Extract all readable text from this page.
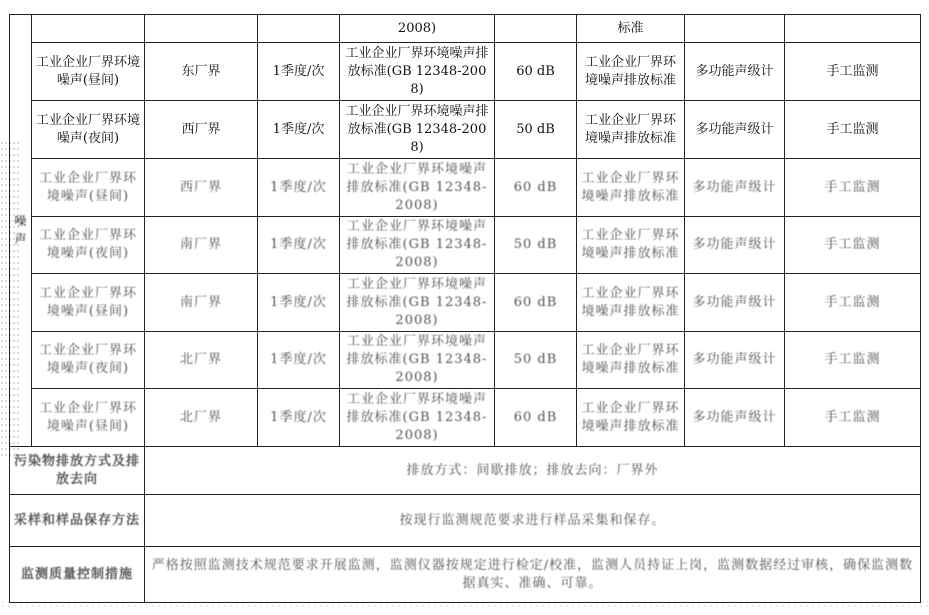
噪声				2008)		标准		
	工业企业厂界环境噪声(昼间)	东厂界	1季度/次	工业企业厂界环境噪声排放标准(GB 12348-2008)	60 dB	工业企业厂界环境噪声排放标准	多功能声级计	手工监测
	工业企业厂界环境噪声(夜间)	西厂界	1季度/次	工业企业厂界环境噪声排放标准(GB 12348-2008)	50 dB	工业企业厂界环境噪声排放标准	多功能声级计	手工监测
	工业企业厂界环境噪声(昼间)	西厂界	1季度/次	工业企业厂界环境噪声排放标准(GB 12348-2008)	60 dB	工业企业厂界环境噪声排放标准	多功能声级计	手工监测
	工业企业厂界环境噪声(夜间)	南厂界	1季度/次	工业企业厂界环境噪声排放标准(GB 12348-2008)	50 dB	工业企业厂界环境噪声排放标准	多功能声级计	手工监测
	工业企业厂界环境噪声(昼间)	南厂界	1季度/次	工业企业厂界环境噪声排放标准(GB 12348-2008)	60 dB	工业企业厂界环境噪声排放标准	多功能声级计	手工监测
	工业企业厂界环境噪声(夜间)	北厂界	1季度/次	工业企业厂界环境噪声排放标准(GB 12348-2008)	50 dB	工业企业厂界环境噪声排放标准	多功能声级计	手工监测
	工业企业厂界环境噪声(昼间)	北厂界	1季度/次	工业企业厂界环境噪声排放标准(GB 12348-2008)	60 dB	工业企业厂界环境噪声排放标准	多功能声级计	手工监测
污染物排放方式及排放去向		排放方式：间歇排放；排放去向：厂界外						
采样和样品保存方法		按现行监测规范要求进行样品采集和保存。						
监测质量控制措施		严格按照监测技术规范要求开展监测，监测仪器按规定进行检定/校准，监测人员持证上岗，监测数据经过审核，确保监测数据真实、准确、可靠。						
